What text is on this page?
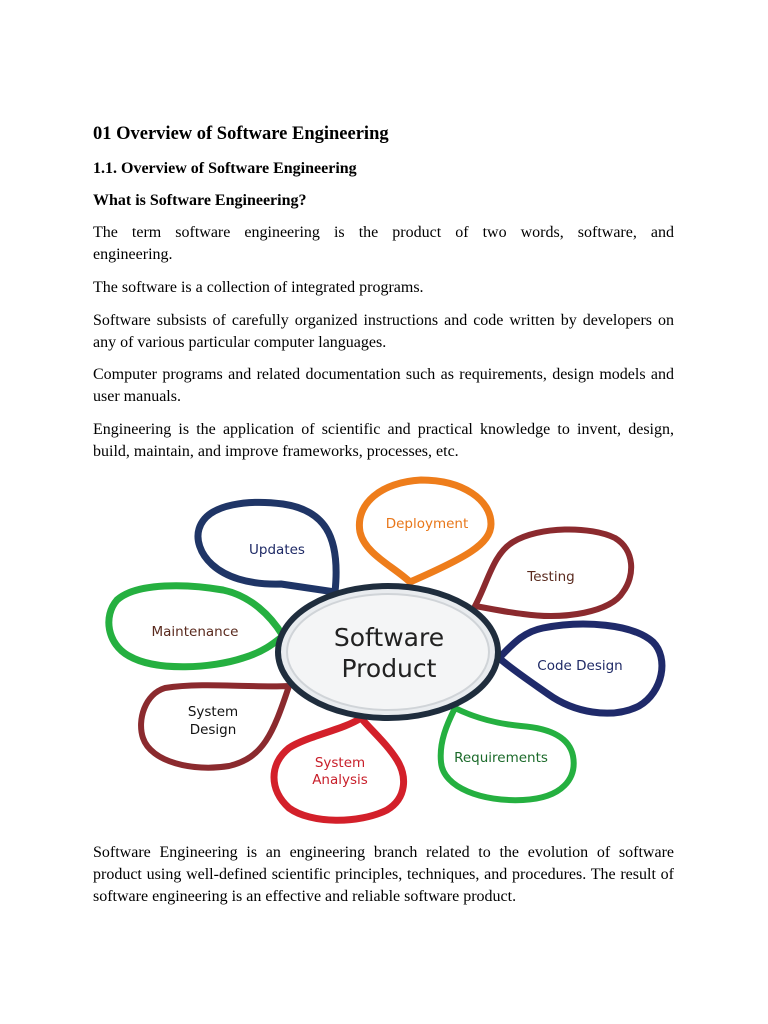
01 Overview of Software Engineering
1.1. Overview of Software Engineering
What is Software Engineering?

The term software engineering is the product of two words, software, and engineering.

The software is a collection of integrated programs.

Software subsists of carefully organized instructions and code written by developers on any of various particular computer languages.

Computer programs and related documentation such as requirements, design models and user manuals.

Engineering is the application of scientific and practical knowledge to invent, design, build, maintain, and improve frameworks, processes, etc.

Software Engineering is an engineering branch related to the evolution of software product using well-defined scientific principles, techniques, and procedures. The result of software engineering is an effective and reliable software product.

Updates
Deployment
Testing
Code Design
Requirements
System
Analysis
System
Design
Maintenance	Software
Product
